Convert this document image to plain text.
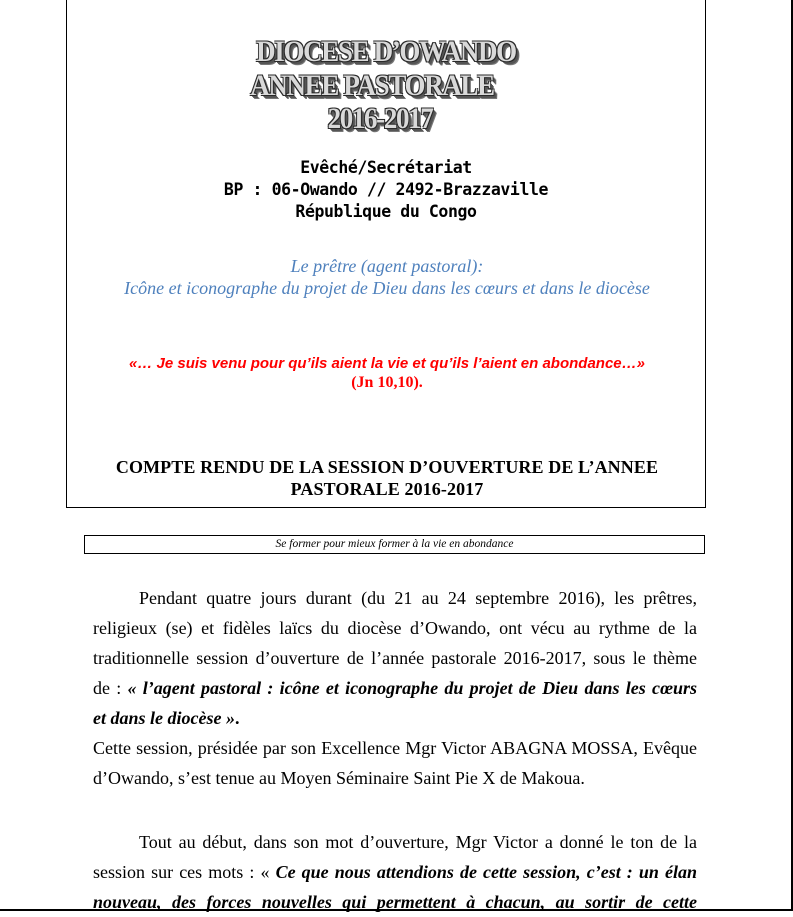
DIOCESE D’OWANDO
ANNEE PASTORALE
2016-2017
Evêché/Secrétariat
BP : 06-Owando // 2492-Brazzaville
République du Congo
Le prêtre (agent pastoral):
Icône et iconographe du projet de Dieu dans les cœurs et dans le diocèse
«… Je suis venu pour qu’ils aient la vie et qu’ils l’aient en abondance…» (Jn 10,10).
COMPTE RENDU DE LA SESSION D’OUVERTURE DE L’ANNEE PASTORALE 2016-2017
Se former pour mieux former à la vie en abondance
Pendant quatre jours durant (du 21 au 24 septembre 2016), les prêtres,
religieux (se) et fidèles laïcs du diocèse d’Owando, ont vécu au rythme de la
traditionnelle session d’ouverture de l’année pastorale 2016-2017, sous le thème
de : « l’agent pastoral : icône et iconographe du projet de Dieu dans les cœurs
et dans le diocèse ».
Cette session, présidée par son Excellence Mgr Victor ABAGNA MOSSA, Evêque
d’Owando, s’est tenue au Moyen Séminaire Saint Pie X de Makoua.
Tout au début, dans son mot d’ouverture, Mgr Victor a donné le ton de la
session sur ces mots : « Ce que nous attendions de cette session, c’est : un élan
nouveau, des forces nouvelles qui permettent à chacun, au sortir de cette
